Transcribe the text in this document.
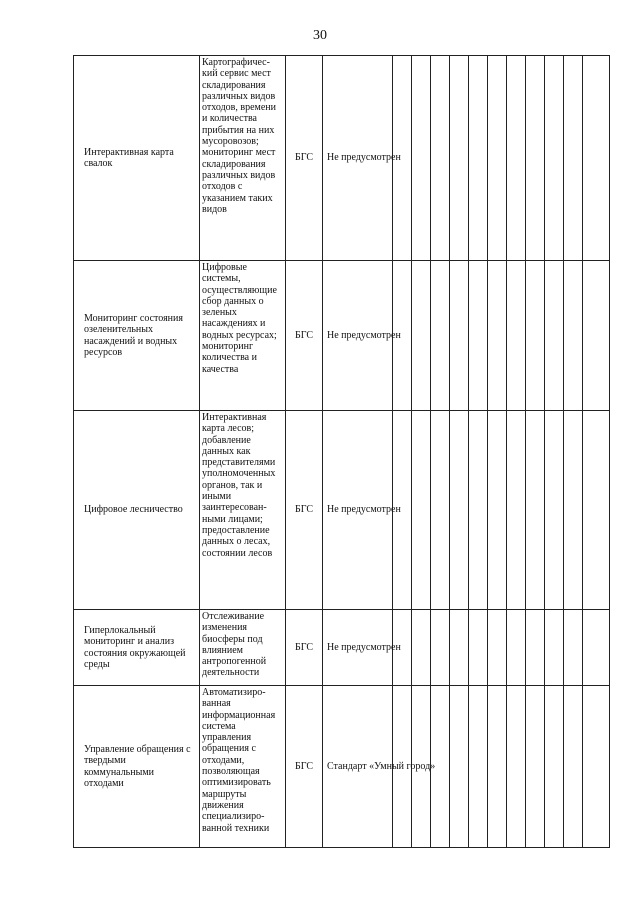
30
Интерактивная карта свалок	Картографический сервис мест складирования различных видов отходов, времени и количества прибытия на них мусоровозов; мониторинг мест складирования различных видов отходов с указанием таких видов	БГС	Не предусмотрен											
Мониторинг состояния озеленительных насаждений и водных ресурсов	Цифровые системы, осуществляющие сбор данных о зеленых насаждениях и водных ресурсах; мониторинг количества и качества	БГС	Не предусмотрен											
Цифровое лесничество	Интерактивная карта лесов; добавление данных как представителями уполномоченных органов, так и иными заинтересованными лицами; предоставление данных о лесах, состоянии лесов	БГС	Не предусмотрен											
Гиперлокальный мониторинг и анализ состояния окружающей среды	Отслеживание изменения биосферы под влиянием антропогенной деятельности	БГС	Не предусмотрен											
Управление обращения с твердыми коммунальными отходами	Автоматизированная информационная система управления обращения с отходами, позволяющая оптимизировать маршруты движения специализированной техники	БГС	Стандарт «Умный город»											
